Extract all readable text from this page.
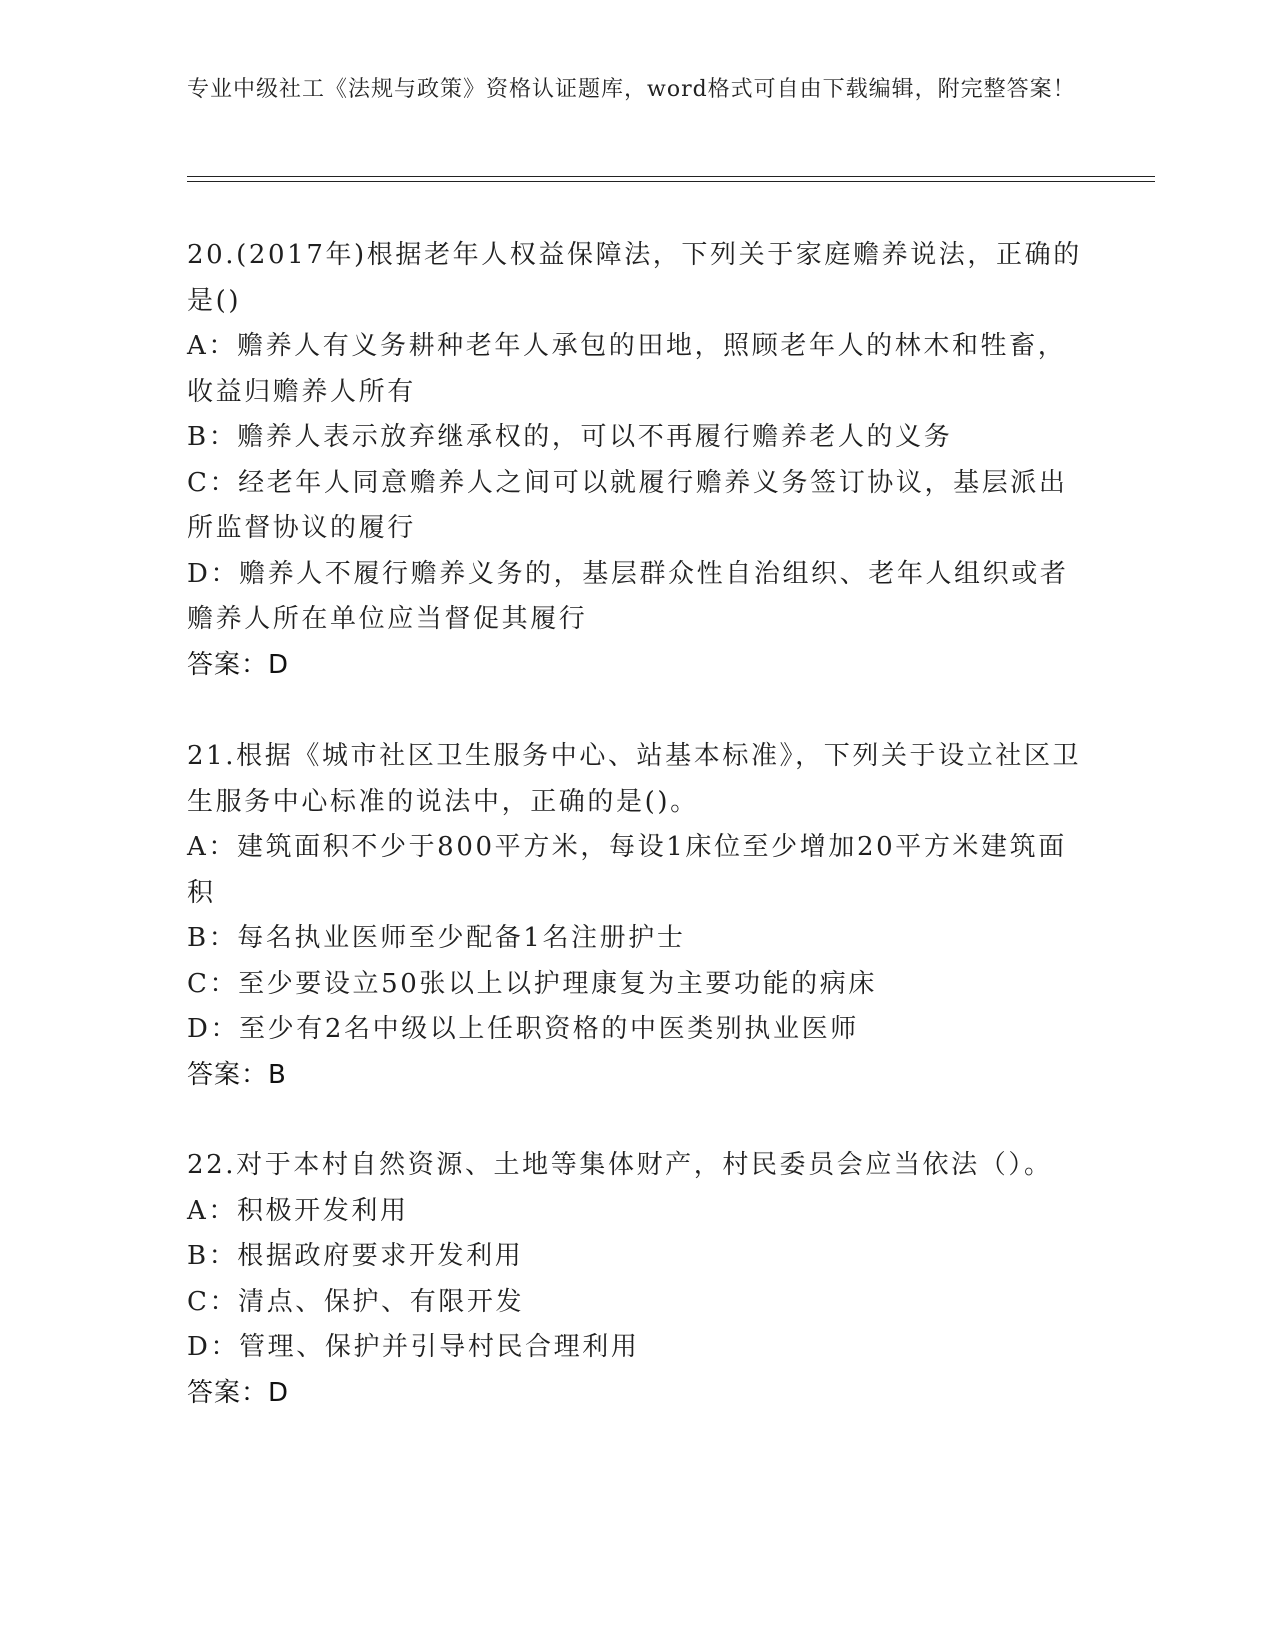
专业中级社工《法规与政策》资格认证题库，word格式可自由下载编辑，附完整答案！

20.(2017年)根据老年人权益保障法，下列关于家庭赡养说法，正确的是()

A：赡养人有义务耕种老年人承包的田地，照顾老年人的林木和牲畜，收益归赡养人所有

B：赡养人表示放弃继承权的，可以不再履行赡养老人的义务

C：经老年人同意赡养人之间可以就履行赡养义务签订协议，基层派出所监督协议的履行

D：赡养人不履行赡养义务的，基层群众性自治组织、老年人组织或者赡养人所在单位应当督促其履行

答案：D

21.根据《城市社区卫生服务中心、站基本标准》，下列关于设立社区卫生服务中心标准的说法中，正确的是()。

A：建筑面积不少于800平方米，每设1床位至少增加20平方米建筑面积

B：每名执业医师至少配备1名注册护士

C：至少要设立50张以上以护理康复为主要功能的病床

D：至少有2名中级以上任职资格的中医类别执业医师

答案：B

22.对于本村自然资源、土地等集体财产，村民委员会应当依法（）。

A：积极开发利用

B：根据政府要求开发利用

C：清点、保护、有限开发

D：管理、保护并引导村民合理利用

答案：D
